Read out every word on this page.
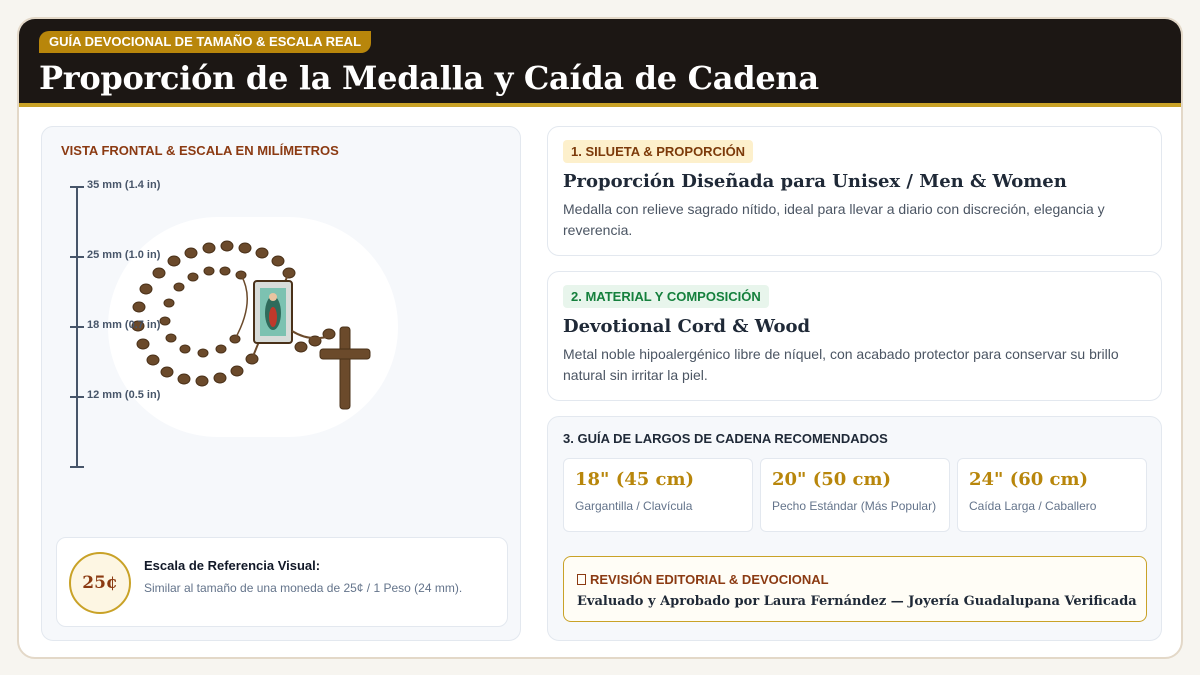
GUÍA DEVOCIONAL DE TAMAÑO & ESCALA REAL
Proporción de la Medalla y Caída de Cadena
VISTA FRONTAL & ESCALA EN MILÍMETROS
35 mm (1.4 in)
25 mm (1.0 in)
18 mm (0.7 in)
12 mm (0.5 in)
25¢
Escala de Referencia Visual:
Similar al tamaño de una moneda de 25¢ / 1 Peso (24 mm).
1. SILUETA & PROPORCIÓN
Proporción Diseñada para Unisex / Men & Women
Medalla con relieve sagrado nítido, ideal para llevar a diario con discreción, elegancia y reverencia.
2. MATERIAL Y COMPOSICIÓN
Devotional Cord & Wood
Metal noble hipoalergénico libre de níquel, con acabado protector para conservar su brillo natural sin irritar la piel.
3. GUÍA DE LARGOS DE CADENA RECOMENDADOS
18" (45 cm)
Gargantilla / Clavícula
20" (50 cm)
Pecho Estándar (Más Popular)
24" (60 cm)
Caída Larga / Caballero
REVISIÓN EDITORIAL & DEVOCIONAL
Evaluado y Aprobado por Laura Fernández — Joyería Guadalupana Verificada
